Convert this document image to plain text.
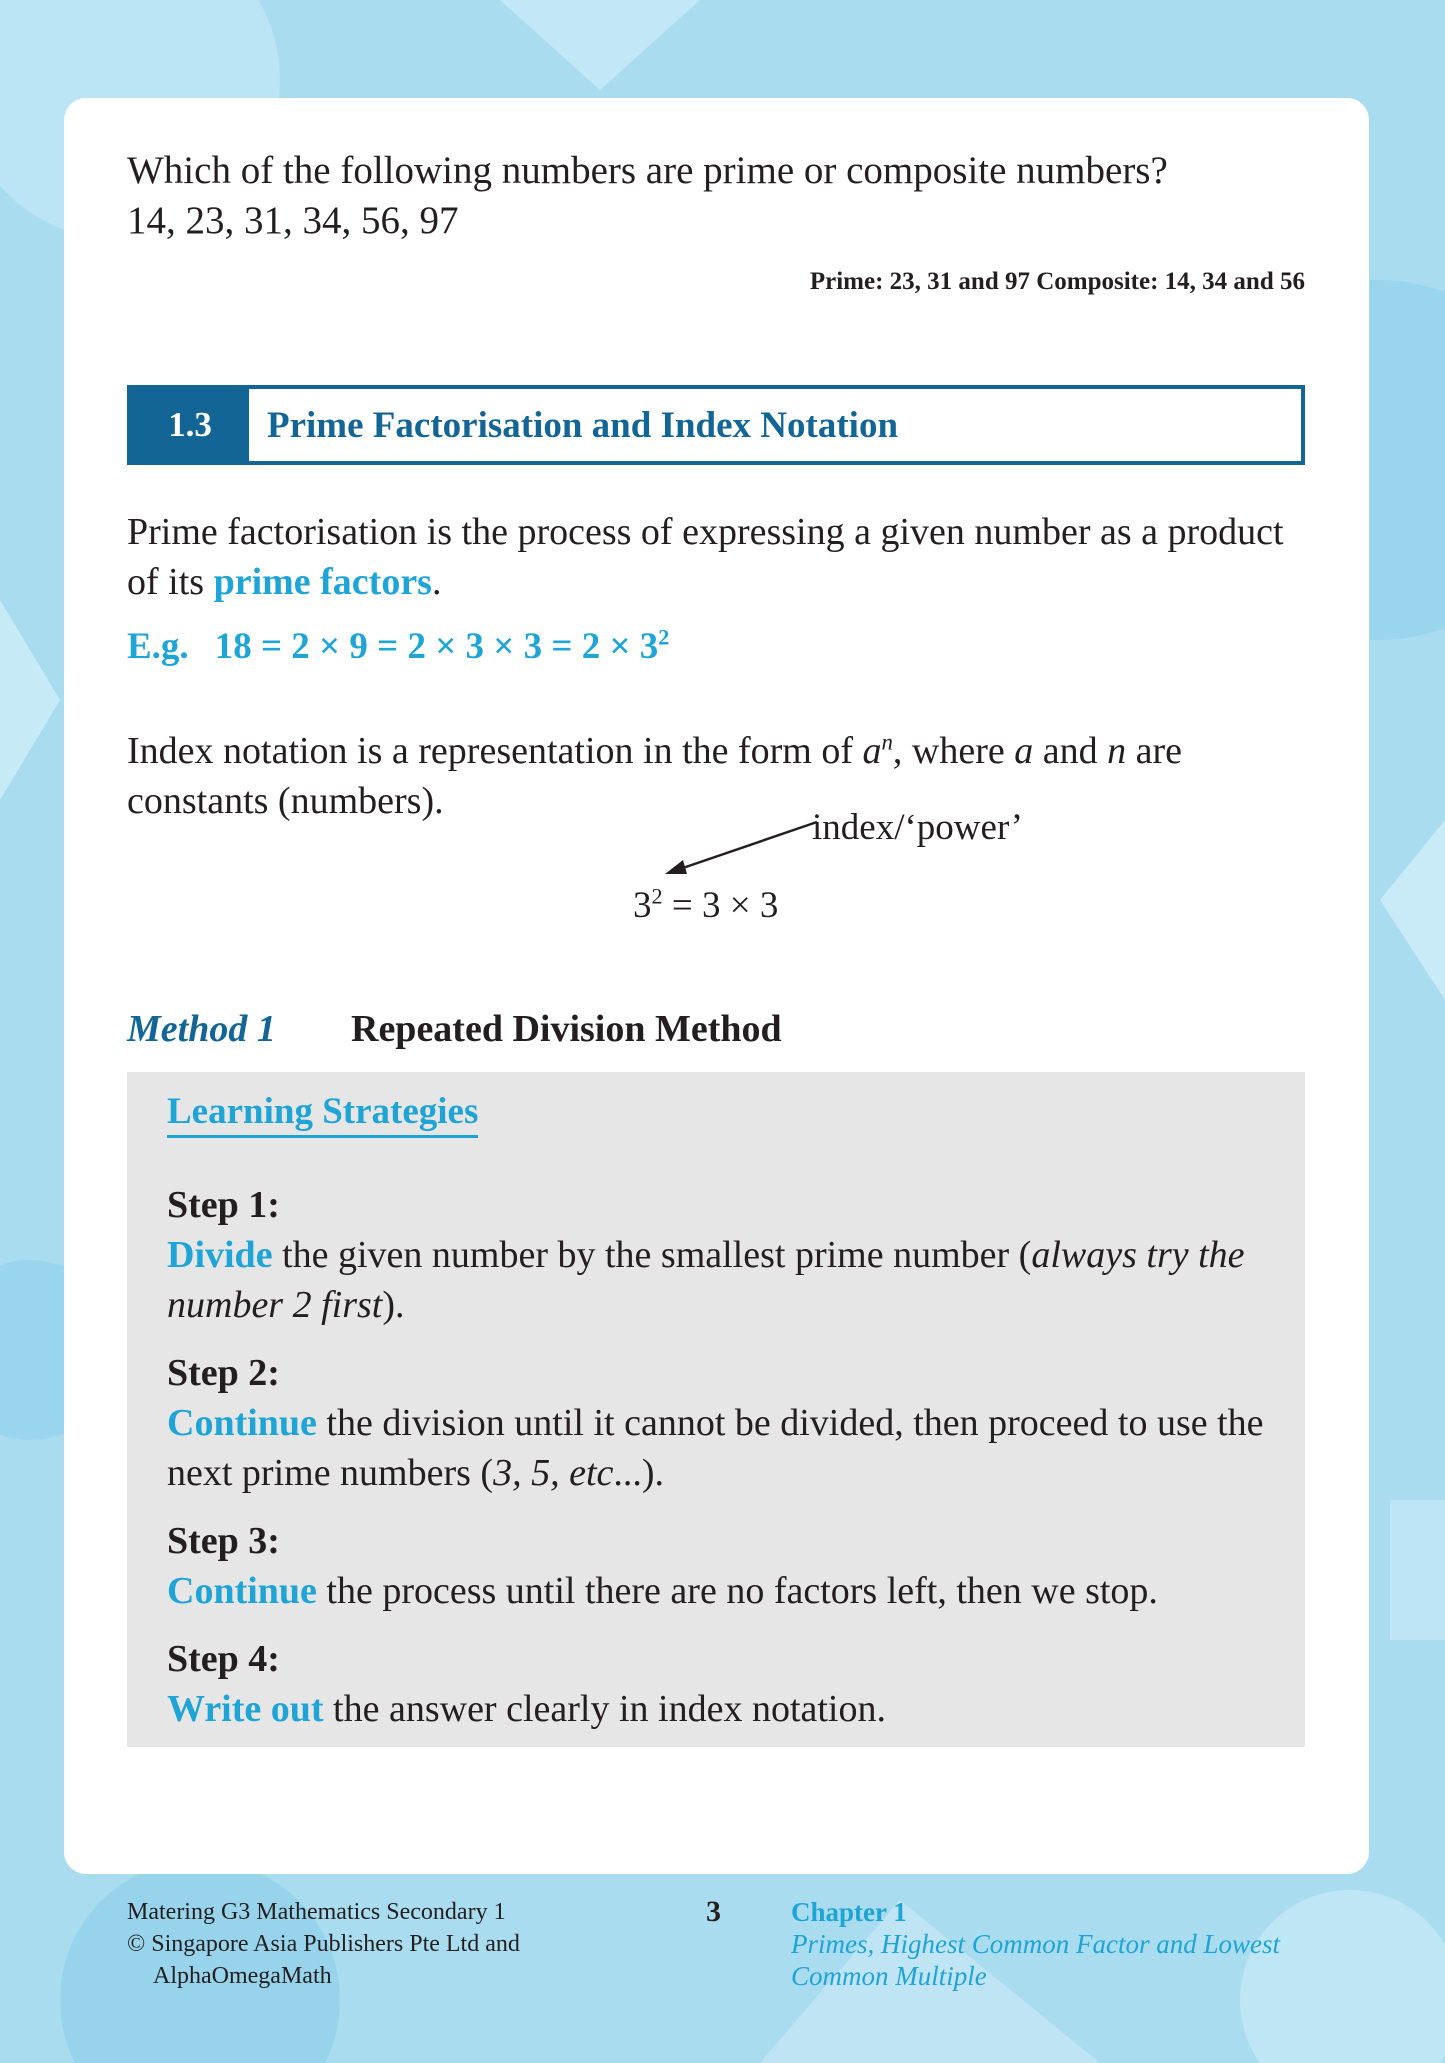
Which of the following numbers are prime or composite numbers?
14, 23, 31, 34, 56, 97
Prime: 23, 31 and 97 Composite: 14, 34 and 56
1.3	Prime Factorisation and Index Notation
Prime factorisation is the process of expressing a given number as a product of its prime factors.
E.g. $18 = 2 \times 9 = 2 \times 3 \times 3 = 2 \times 3^2$
Index notation is a representation in the form of $a^n$, where a and n are constants (numbers).
index/‘power’
$3^2 = 3 \times 3$
Method 1 Repeated Division Method
Learning Strategies
Step 1:
Divide the given number by the smallest prime number (always try the number 2 first).
Step 2:
Continue the division until it cannot be divided, then proceed to use the next prime numbers (3, 5, etc...).
Step 3:
Continue the process until there are no factors left, then we stop.
Step 4:
Write out the answer clearly in index notation.
Matering G3 Mathematics Secondary 1
© Singapore Asia Publishers Pte Ltd and
AlphaOmegaMath
3	Chapter 1
Primes, Highest Common Factor and Lowest Common Multiple
